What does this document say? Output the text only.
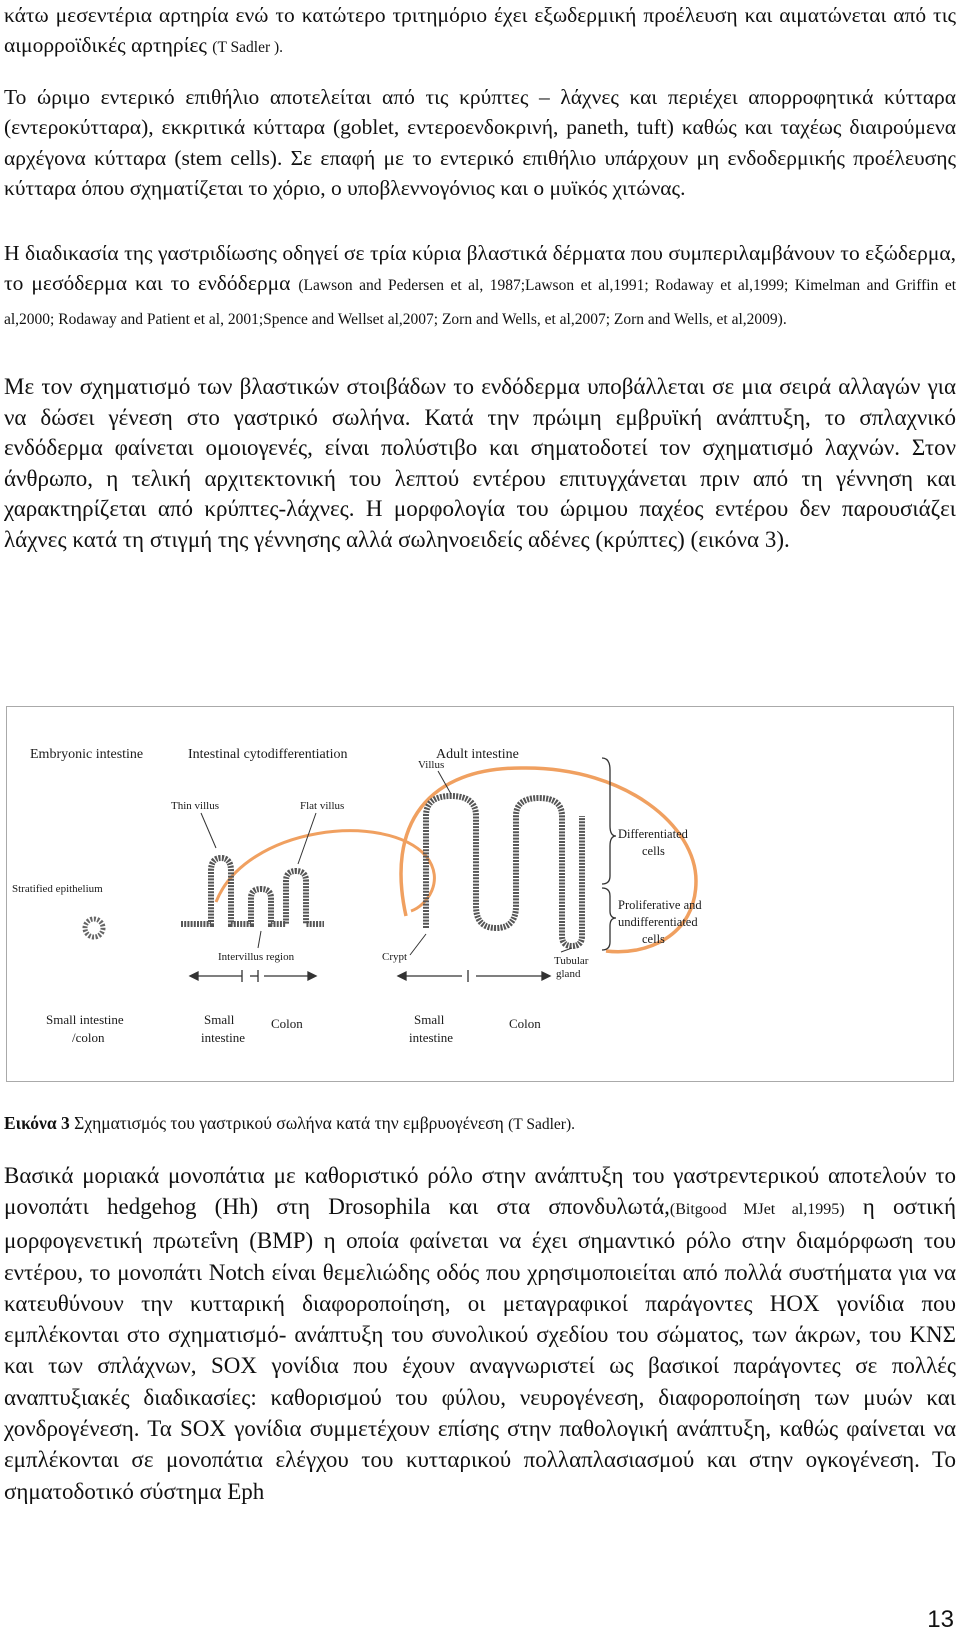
κάτω μεσεντέρια αρτηρία ενώ το κατώτερο τριτημόριο έχει εξωδερμική προέλευση και αιματώνεται από τις αιμορροϊδικές αρτηρίες (T Sadler ).

Το ώριμο εντερικό επιθήλιο αποτελείται από τις κρύπτες – λάχνες και περιέχει απορροφητικά κύτταρα (εντεροκύτταρα), εκκριτικά κύτταρα (goblet, εντεροενδοκρινή, paneth, tuft) καθώς και ταχέως διαιρούμενα αρχέγονα κύτταρα (stem cells). Σε επαφή με το εντερικό επιθήλιο υπάρχουν μη ενδοδερμικής προέλευσης κύτταρα όπου σχηματίζεται το χόριο, ο υποβλεννογόνιος και ο μυϊκός χιτώνας.

Η διαδικασία της γαστριδίωσης οδηγεί σε τρία κύρια βλαστικά δέρματα που συμπεριλαμβάνουν το εξώδερμα, το μεσόδερμα και το ενδόδερμα (Lawson and Pedersen et al, 1987;Lawson et al,1991; Rodaway et al,1999; Kimelman and Griffin et al,2000; Rodaway and Patient et al, 2001;Spence and Wellset al,2007; Zorn and Wells, et al,2007; Zorn and Wells, et al,2009).

Με τον σχηματισμό των βλαστικών στοιβάδων το ενδόδερμα υποβάλλεται σε μια σειρά αλλαγών για να δώσει γένεση στο γαστρικό σωλήνα. Κατά την πρώιμη εμβρυϊκή ανάπτυξη, το σπλαχνικό ενδόδερμα φαίνεται ομοιογενές, είναι πολύστιβο και σηματοδοτεί τον σχηματισμό λαχνών. Στον άνθρωπο, η τελική αρχιτεκτονική του λεπτού εντέρου επιτυγχάνεται πριν από τη γέννηση και χαρακτηρίζεται από κρύπτες-λάχνες. Η μορφολογία του ώριμου παχέος εντέρου δεν παρουσιάζει λάχνες κατά τη στιγμή της γέννησης αλλά σωληνοειδείς αδένες (κρύπτες) (εικόνα 3).

Embryonic intestine	Intestinal cytodifferentiation	Adult intestine
Stratified epithelium
Thin villus	Flat villus
Intervillus region
Villus
Crypt	Tubular
gland
Differentiated
cells
Proliferative and
undifferentiated
cells
Small intestine
/colon
Small
intestine
Colon	Small
intestine
Colon

Εικόνα 3 Σχηματισμός του γαστρικού σωλήνα κατά την εμβρυογένεση (T Sadler).

Βασικά μοριακά μονοπάτια με καθοριστικό ρόλο στην ανάπτυξη του γαστρεντερικού αποτελούν το μονοπάτι hedgehog (Hh) στη Drosophila και στα σπονδυλωτά,(Bitgood MJet al,1995) η οστική μορφογενετική πρωτεΐνη (BMP) η οποία φαίνεται να έχει σημαντικό ρόλο στην διαμόρφωση του εντέρου, το μονοπάτι Notch είναι θεμελιώδης οδός που χρησιμοποιείται από πολλά συστήματα για να κατευθύνουν την κυτταρική διαφοροποίηση, οι μεταγραφικοί παράγοντες HOX γονίδια που εμπλέκονται στο σχηματισμό- ανάπτυξη του συνολικού σχεδίου του σώματος, των άκρων, του ΚΝΣ και των σπλάχνων, SOX γονίδια που έχουν αναγνωριστεί ως βασικοί παράγοντες σε πολλές αναπτυξιακές διαδικασίες: καθορισμού του φύλου, νευρογένεση, διαφοροποίηση των μυών και χονδρογένεση. Τα SOX γονίδια συμμετέχουν επίσης στην παθολογική ανάπτυξη, καθώς φαίνεται να εμπλέκονται σε μονοπάτια ελέγχου του κυτταρικού πολλαπλασιασμού και στην ογκογένεση. Το σηματοδοτικό σύστημα Eph

13
